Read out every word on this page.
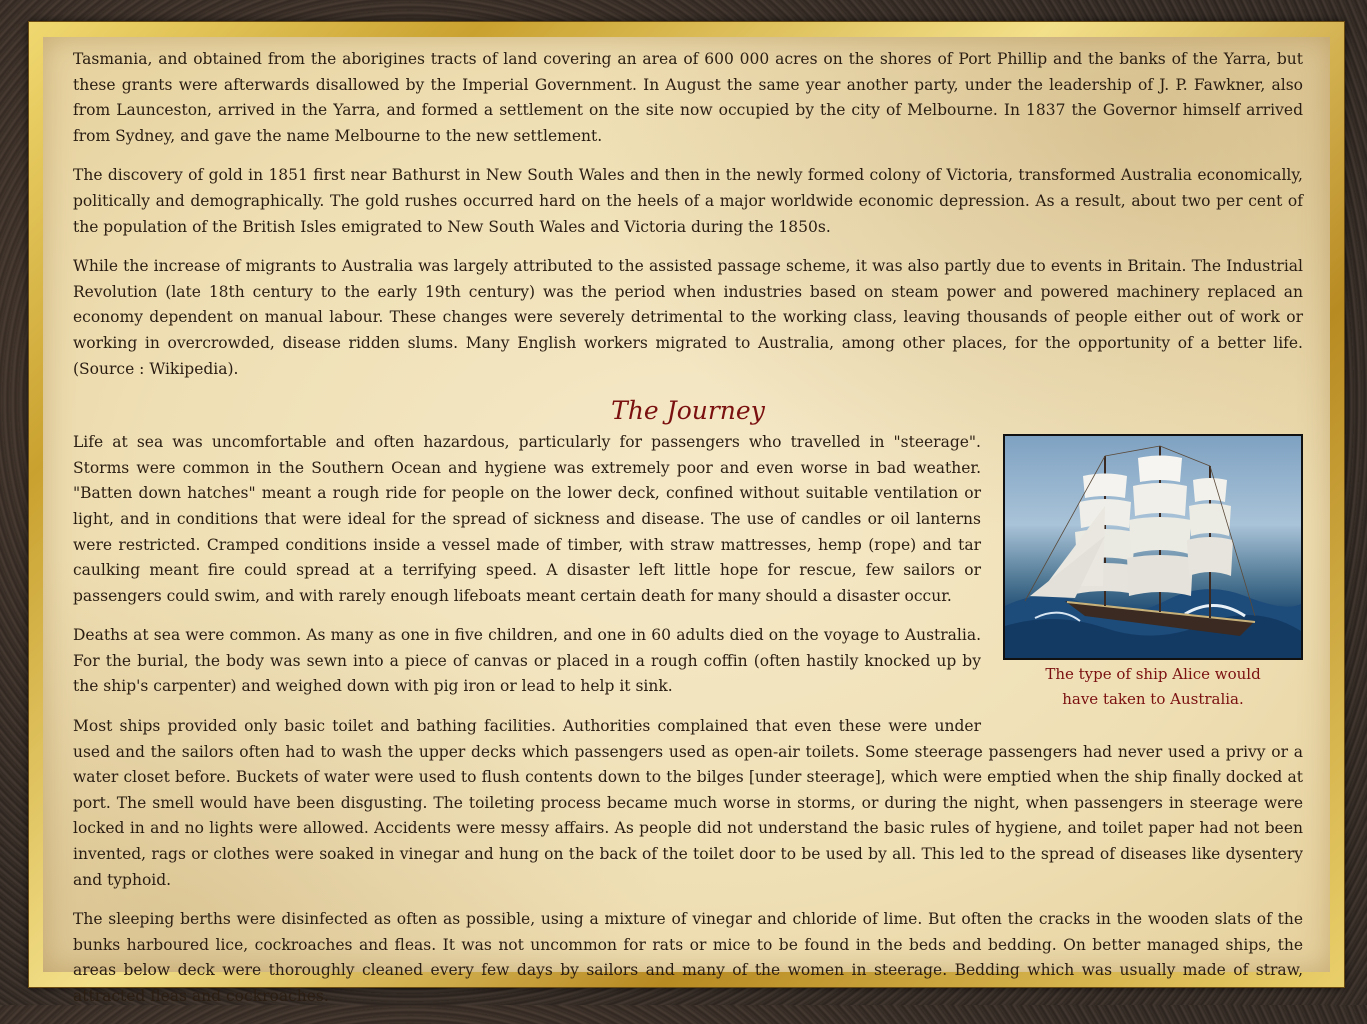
Tasmania, and obtained from the aborigines tracts of land covering an area of 600 000 acres on the shores of Port Phillip and the banks of the Yarra, but these grants were afterwards disallowed by the Imperial Government. In August the same year another party, under the leadership of J. P. Fawkner, also from Launceston, arrived in the Yarra, and formed a settlement on the site now occupied by the city of Melbourne. In 1837 the Governor himself arrived from Sydney, and gave the name Melbourne to the new settlement.

The discovery of gold in 1851 first near Bathurst in New South Wales and then in the newly formed colony of Victoria, transformed Australia economically, politically and demographically. The gold rushes occurred hard on the heels of a major worldwide economic depression. As a result, about two per cent of the population of the British Isles emigrated to New South Wales and Victoria during the 1850s.

While the increase of migrants to Australia was largely attributed to the assisted passage scheme, it was also partly due to events in Britain. The Industrial Revolution (late 18th century to the early 19th century) was the period when industries based on steam power and powered machinery replaced an economy dependent on manual labour. These changes were severely detrimental to the working class, leaving thousands of people either out of work or working in overcrowded, disease ridden slums. Many English workers migrated to Australia, among other places, for the opportunity of a better life. (Source : Wikipedia).

The Journey
The type of ship Alice would have taken to Australia.

Life at sea was uncomfortable and often hazardous, particularly for passengers who travelled in "steerage". Storms were common in the Southern Ocean and hygiene was extremely poor and even worse in bad weather. "Batten down hatches" meant a rough ride for people on the lower deck, confined without suitable ventilation or light, and in conditions that were ideal for the spread of sickness and disease. The use of candles or oil lanterns were restricted. Cramped conditions inside a vessel made of timber, with straw mattresses, hemp (rope) and tar caulking meant fire could spread at a terrifying speed. A disaster left little hope for rescue, few sailors or passengers could swim, and with rarely enough lifeboats meant certain death for many should a disaster occur.

Deaths at sea were common. As many as one in five children, and one in 60 adults died on the voyage to Australia. For the burial, the body was sewn into a piece of canvas or placed in a rough coffin (often hastily knocked up by the ship's carpenter) and weighed down with pig iron or lead to help it sink.

Most ships provided only basic toilet and bathing facilities. Authorities complained that even these were under used and the sailors often had to wash the upper decks which passengers used as open-air toilets. Some steerage passengers had never used a privy or a water closet before. Buckets of water were used to flush contents down to the bilges [under steerage], which were emptied when the ship finally docked at port. The smell would have been disgusting. The toileting process became much worse in storms, or during the night, when passengers in steerage were locked in and no lights were allowed. Accidents were messy affairs. As people did not understand the basic rules of hygiene, and toilet paper had not been invented, rags or clothes were soaked in vinegar and hung on the back of the toilet door to be used by all. This led to the spread of diseases like dysentery and typhoid.

The sleeping berths were disinfected as often as possible, using a mixture of vinegar and chloride of lime. But often the cracks in the wooden slats of the bunks harboured lice, cockroaches and fleas. It was not uncommon for rats or mice to be found in the beds and bedding. On better managed ships, the areas below deck were thoroughly cleaned every few days by sailors and many of the women in steerage. Bedding which was usually made of straw, attracted fleas and cockroaches.
